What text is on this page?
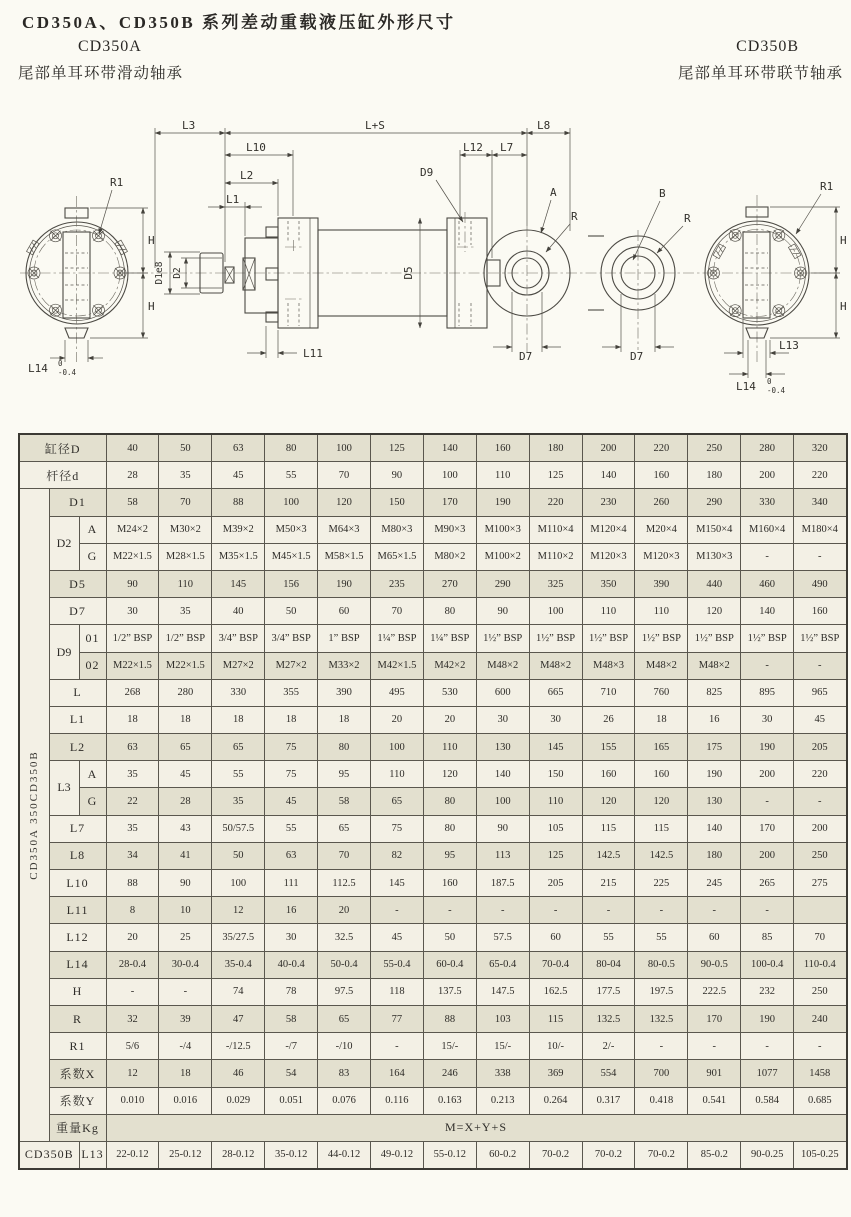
CD350A、CD350B 系列差动重载液压缸外形尺寸
CD350A
尾部单耳环带滑动轴承
CD350B
尾部单耳环带联节轴承
R1
H
H
L14 0
-0.4
D1e8 D2	D5
D9
A
R
D7
L11
L3	L+S	L8
L10	L12 L7
L2
L1	B
R
D7
R1
H
H
L13
L14 0
-0.4
缸径D			40	50	63	80	100	125	140	160	180	200	220	250	280	320
杆径d			28	35	45	55	70	90	100	110	125	140	160	180	200	220

CD350A 350CD350B	D1		58	70	88	100	120	150	170	190	220	230	260	290	330	340
	D2	A	M24×2	M30×2	M39×2	M50×3	M64×3	M80×3	M90×3	M100×3	M110×4	M120×4	M20×4	M150×4	M160×4	M180×4
		G	M22×1.5	M28×1.5	M35×1.5	M45×1.5	M58×1.5	M65×1.5	M80×2	M100×2	M110×2	M120×3	M120×3	M130×3	-	-
	D5		90	110	145	156	190	235	270	290	325	350	390	440	460	490
	D7		30	35	40	50	60	70	80	90	100	110	110	120	140	160
	D9	01	1/2” BSP	1/2” BSP	3/4” BSP	3/4” BSP	1” BSP	1¼” BSP	1¼” BSP	1½” BSP	1½” BSP	1½” BSP	1½” BSP	1½” BSP	1½” BSP	1½” BSP
		02	M22×1.5	M22×1.5	M27×2	M27×2	M33×2	M42×1.5	M42×2	M48×2	M48×2	M48×3	M48×2	M48×2	-	-
	L		268	280	330	355	390	495	530	600	665	710	760	825	895	965
	L1		18	18	18	18	18	20	20	30	30	26	18	16	30	45
	L2		63	65	65	75	80	100	110	130	145	155	165	175	190	205
	L3	A	35	45	55	75	95	110	120	140	150	160	160	190	200	220
		G	22	28	35	45	58	65	80	100	110	120	120	130	-	-
	L7		35	43	50/57.5	55	65	75	80	90	105	115	115	140	170	200
	L8		34	41	50	63	70	82	95	113	125	142.5	142.5	180	200	250
	L10		88	90	100	111	112.5	145	160	187.5	205	215	225	245	265	275
	L11		8	10	12	16	20	-	-	-	-	-	-	-	-	
	L12		20	25	35/27.5	30	32.5	45	50	57.5	60	55	55	60	85	70
	L14		28-0.4	30-0.4	35-0.4	40-0.4	50-0.4	55-0.4	60-0.4	65-0.4	70-0.4	80-04	80-0.5	90-0.5	100-0.4	110-0.4
	H		-	-	74	78	97.5	118	137.5	147.5	162.5	177.5	197.5	222.5	232	250
	R		32	39	47	58	65	77	88	103	115	132.5	132.5	170	190	240
	R1		5/6	-/4	-/12.5	-/7	-/10	-	15/-	15/-	10/-	2/-	-	-	-	-
	系数X		12	18	46	54	83	164	246	338	369	554	700	901	1077	1458
	系数Y		0.010	0.016	0.029	0.051	0.076	0.116	0.163	0.213	0.264	0.317	0.418	0.541	0.584	0.685
	重量Kg		M=X+Y+S													
CD350B		L13	22-0.12	25-0.12	28-0.12	35-0.12	44-0.12	49-0.12	55-0.12	60-0.2	70-0.2	70-0.2	70-0.2	85-0.2	90-0.25	105-0.25
